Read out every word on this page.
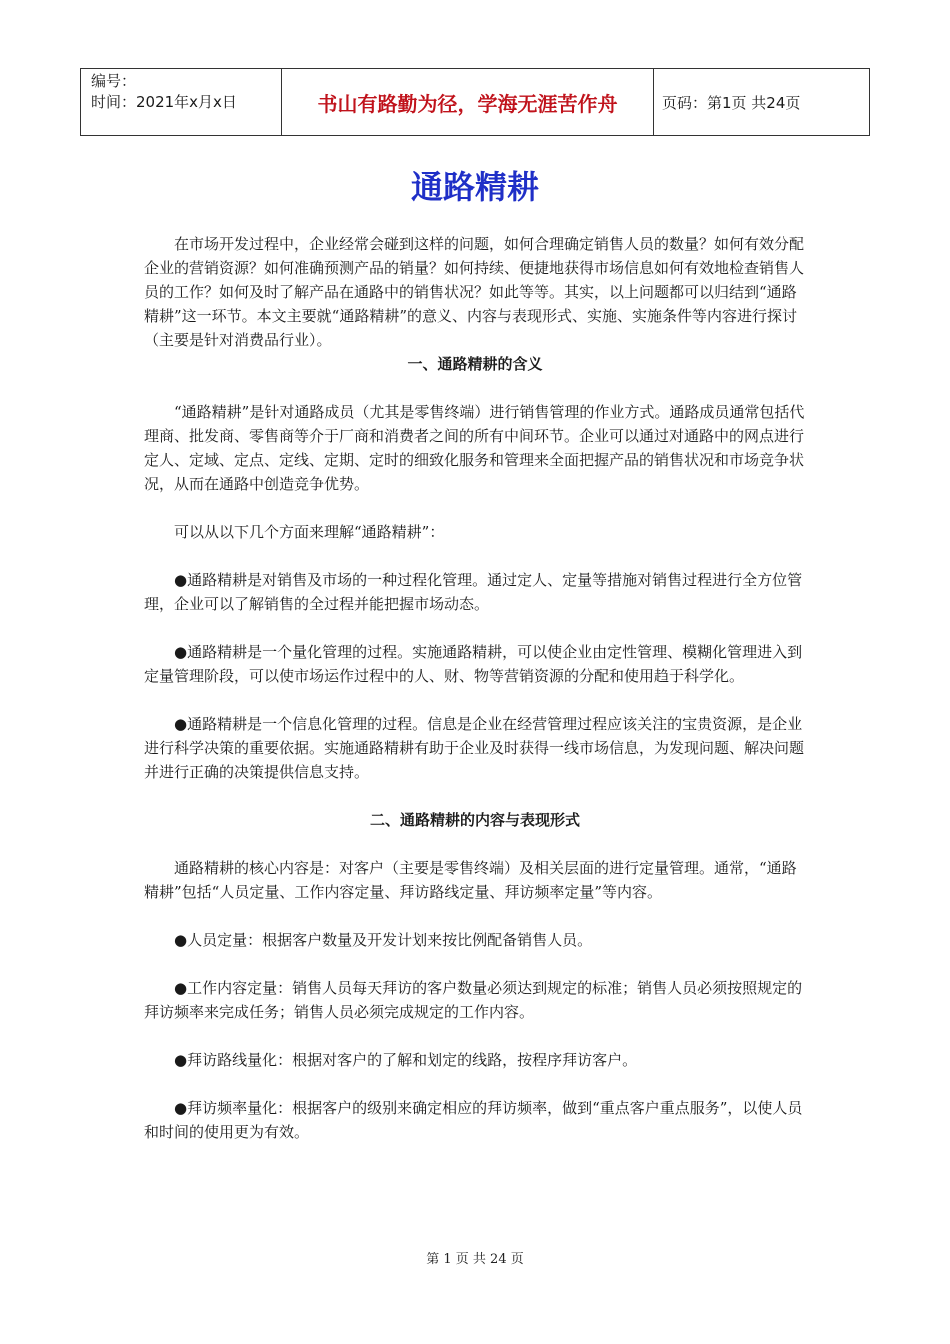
编号：
时间：2021年x月x日	书山有路勤为径，学海无涯苦作舟	页码：第1页 共24页
通路精耕

在市场开发过程中，企业经常会碰到这样的问题，如何合理确定销售人员的数量？如何有效分配企业的营销资源？如何准确预测产品的销量？如何持续、便捷地获得市场信息如何有效地检查销售人员的工作？如何及时了解产品在通路中的销售状况？如此等等。其实，以上问题都可以归结到“通路精耕”这一环节。本文主要就“通路精耕”的意义、内容与表现形式、实施、实施条件等内容进行探讨（主要是针对消费品行业）。

一、通路精耕的含义

“通路精耕”是针对通路成员（尤其是零售终端）进行销售管理的作业方式。通路成员通常包括代理商、批发商、零售商等介于厂商和消费者之间的所有中间环节。企业可以通过对通路中的网点进行定人、定域、定点、定线、定期、定时的细致化服务和管理来全面把握产品的销售状况和市场竞争状况，从而在通路中创造竞争优势。

可以从以下几个方面来理解“通路精耕”：

●通路精耕是对销售及市场的一种过程化管理。通过定人、定量等措施对销售过程进行全方位管理，企业可以了解销售的全过程并能把握市场动态。

●通路精耕是一个量化管理的过程。实施通路精耕，可以使企业由定性管理、模糊化管理进入到定量管理阶段，可以使市场运作过程中的人、财、物等营销资源的分配和使用趋于科学化。

●通路精耕是一个信息化管理的过程。信息是企业在经营管理过程应该关注的宝贵资源，是企业进行科学决策的重要依据。实施通路精耕有助于企业及时获得一线市场信息，为发现问题、解决问题并进行正确的决策提供信息支持。

二、通路精耕的内容与表现形式

通路精耕的核心内容是：对客户（主要是零售终端）及相关层面的进行定量管理。通常，“通路精耕”包括“人员定量、工作内容定量、拜访路线定量、拜访频率定量”等内容。

●人员定量：根据客户数量及开发计划来按比例配备销售人员。

●工作内容定量：销售人员每天拜访的客户数量必须达到规定的标准；销售人员必须按照规定的拜访频率来完成任务；销售人员必须完成规定的工作内容。

●拜访路线量化：根据对客户的了解和划定的线路，按程序拜访客户。

●拜访频率量化：根据客户的级别来确定相应的拜访频率，做到“重点客户重点服务”，以使人员和时间的使用更为有效。

第 1 页 共 24 页
